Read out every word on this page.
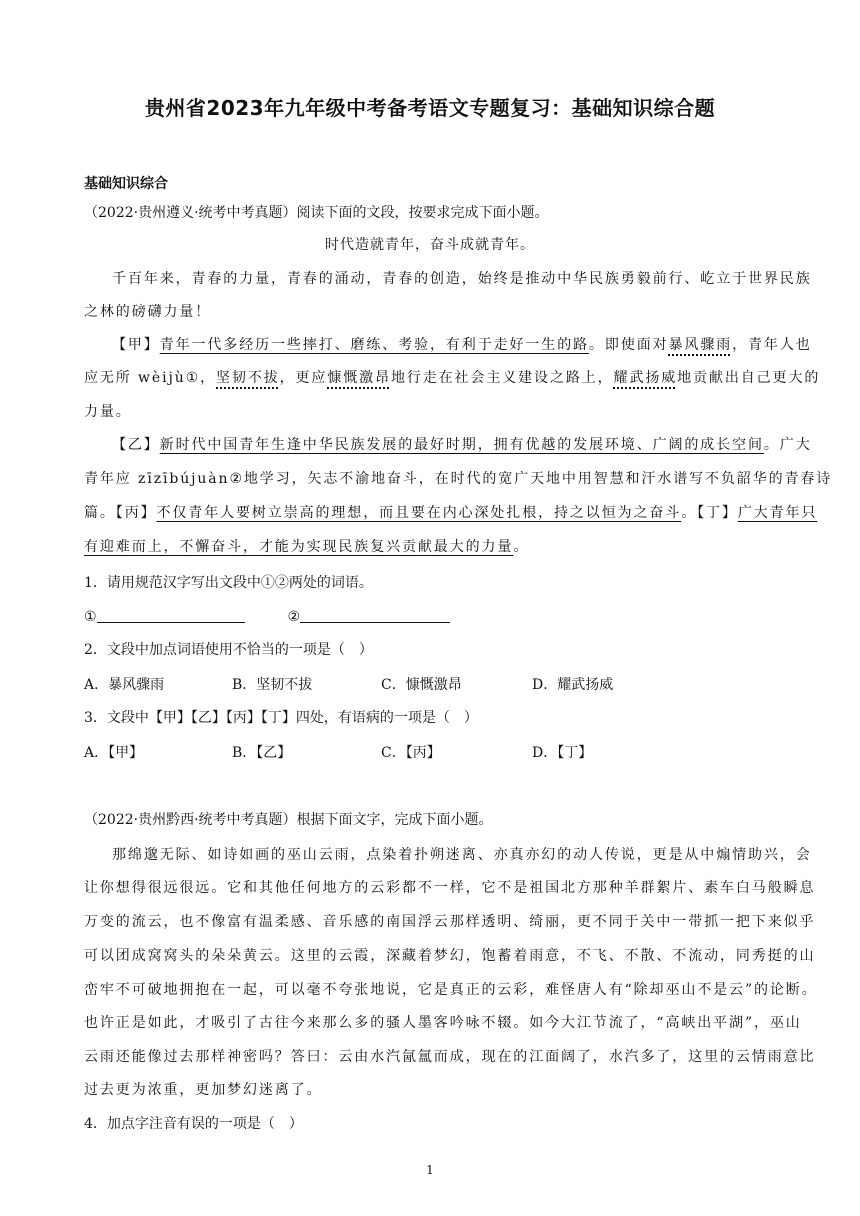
贵州省2023年九年级中考备考语文专题复习：基础知识综合题
基础知识综合
（2022·贵州遵义·统考中考真题）阅读下面的文段，按要求完成下面小题。
时代造就青年，奋斗成就青年。
千百年来，青春的力量，青春的涌动，青春的创造，始终是推动中华民族勇毅前行、屹立于世界民族
之林的磅礴力量！
【甲】青年一代多经历一些摔打、磨练、考验，有利于走好一生的路。即使面对暴风骤雨，青年人也
应无所 wèijù①，坚韧不拔，更应慷慨激昂地行走在社会主义建设之路上，耀武扬威地贡献出自己更大的
力量。
【乙】新时代中国青年生逢中华民族发展的最好时期，拥有优越的发展环境、广阔的成长空间。广大
青年应 zīzībújuàn②地学习，矢志不渝地奋斗，在时代的宽广天地中用智慧和汗水谱写不负韶华的青春诗
篇。【丙】不仅青年人要树立崇高的理想，而且要在内心深处扎根，持之以恒为之奋斗。【丁】广大青年只
有迎难而上，不懈奋斗，才能为实现民族复兴贡献最大的力量。
1．请用规范汉字写出文段中①②两处的词语。
①	②
2．文段中加点词语使用不恰当的一项是（　）
A．暴风骤雨	B．坚韧不拔	C．慷慨激昂	D．耀武扬威
3．文段中【甲】【乙】【丙】【丁】四处，有语病的一项是（　）
A．【甲】	B．【乙】	C．【丙】	D．【丁】
（2022·贵州黔西·统考中考真题）根据下面文字，完成下面小题。
那绵邈无际、如诗如画的巫山云雨，点染着扑朔迷离、亦真亦幻的动人传说，更是从中煽情助兴，会
让你想得很远很远。它和其他任何地方的云彩都不一样，它不是祖国北方那种羊群絮片、素车白马般瞬息
万变的流云，也不像富有温柔感、音乐感的南国浮云那样透明、绮丽，更不同于关中一带抓一把下来似乎
可以团成窝窝头的朵朵黄云。这里的云霞，深藏着梦幻，饱蓄着雨意，不飞、不散、不流动，同秀挺的山
峦牢不可破地拥抱在一起，可以毫不夸张地说，它是真正的云彩，难怪唐人有“除却巫山不是云”的论断。
也许正是如此，才吸引了古往今来那么多的骚人墨客吟咏不辍。如今大江节流了，“高峡出平湖”，巫山
云雨还能像过去那样神密吗？答曰：云由水汽氤氲而成，现在的江面阔了，水汽多了，这里的云情雨意比
过去更为浓重，更加梦幻迷离了。
4．加点字注音有误的一项是（　）
1
